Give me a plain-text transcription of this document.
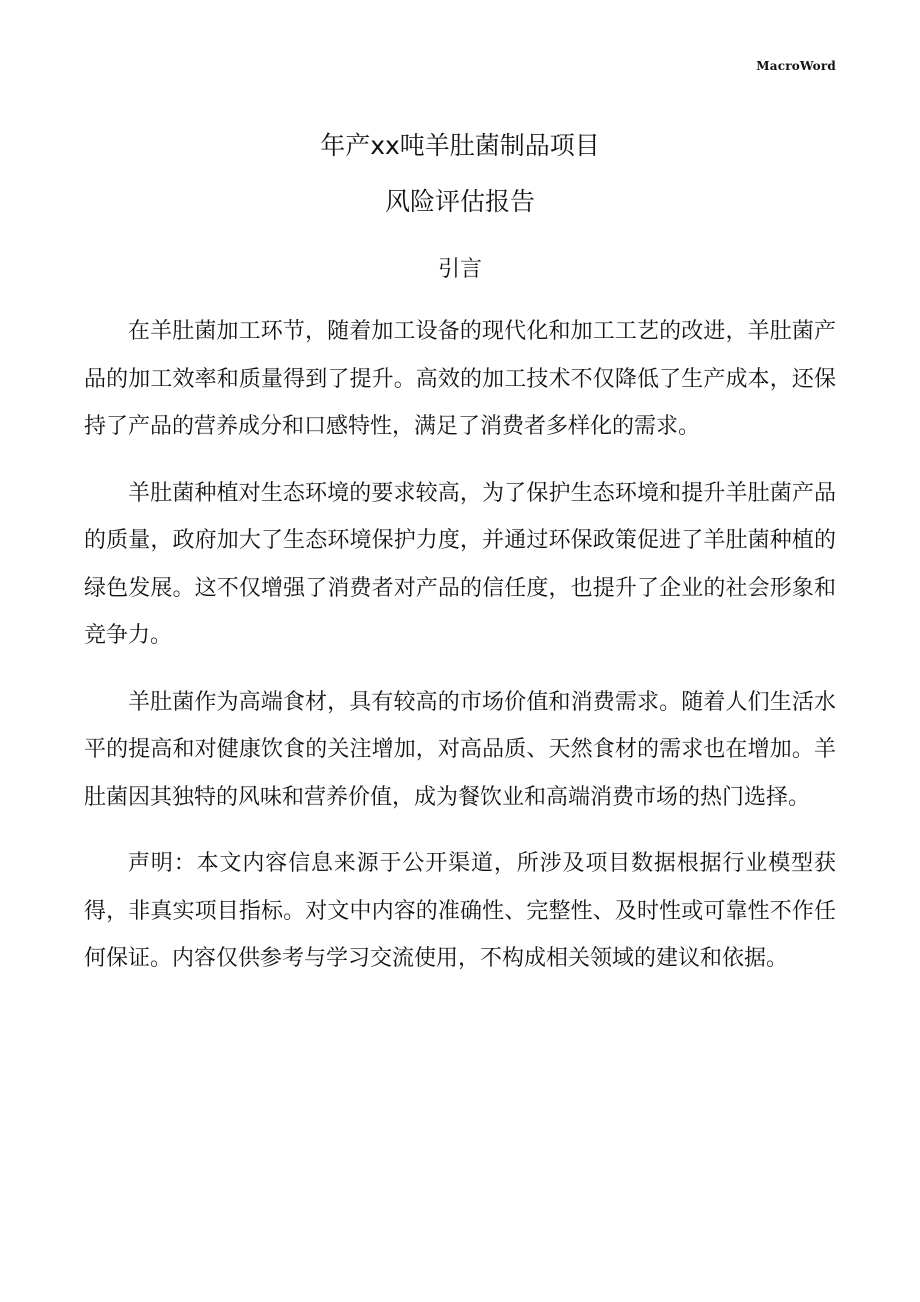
MacroWord
年产xx吨羊肚菌制品项目
风险评估报告
引言

在羊肚菌加工环节，随着加工设备的现代化和加工工艺的改进，羊肚菌产品的加工效率和质量得到了提升。高效的加工技术不仅降低了生产成本，还保持了产品的营养成分和口感特性，满足了消费者多样化的需求。

羊肚菌种植对生态环境的要求较高，为了保护生态环境和提升羊肚菌产品的质量，政府加大了生态环境保护力度，并通过环保政策促进了羊肚菌种植的绿色发展。这不仅增强了消费者对产品的信任度，也提升了企业的社会形象和竞争力。

羊肚菌作为高端食材，具有较高的市场价值和消费需求。随着人们生活水平的提高和对健康饮食的关注增加，对高品质、天然食材的需求也在增加。羊肚菌因其独特的风味和营养价值，成为餐饮业和高端消费市场的热门选择。

声明：本文内容信息来源于公开渠道，所涉及项目数据根据行业模型获得，非真实项目指标。对文中内容的准确性、完整性、及时性或可靠性不作任何保证。内容仅供参考与学习交流使用，不构成相关领域的建议和依据。
